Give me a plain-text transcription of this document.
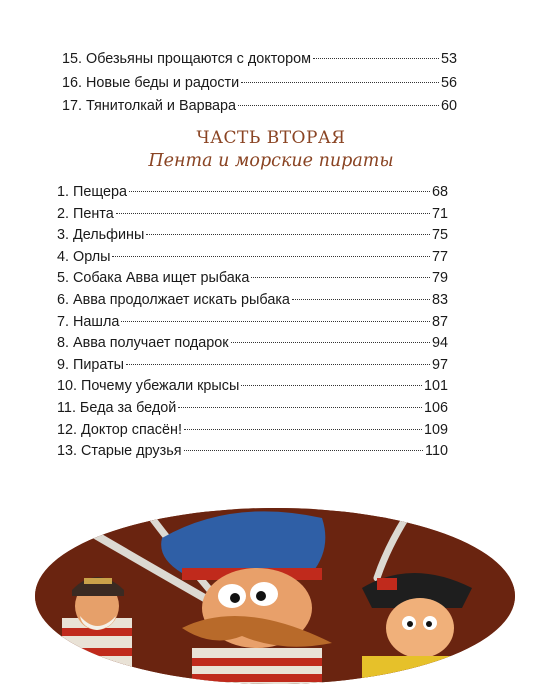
15. Обезьяны прощаются с доктором	53
16. Новые беды и радости	56
17. Тянитолкай и Варвара	60
ЧАСТЬ ВТОРАЯ
Пента и морские пираты
1. Пещера	68
2. Пента	71
3. Дельфины	75
4. Орлы	77
5. Собака Авва ищет рыбака	79
6. Авва продолжает искать рыбака	83
7. Нашла	87
8. Авва получает подарок	94
9. Пираты	97
10. Почему убежали крысы	101
11. Беда за бедой	106
12. Доктор спасён!	109
13. Старые друзья	110
